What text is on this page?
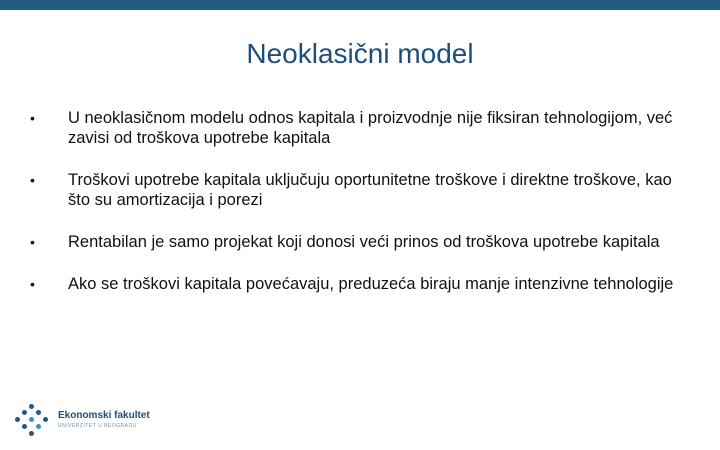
Neoklasični model
•	U neoklasičnom modelu odnos kapitala i proizvodnje nije fiksiran tehnologijom, već zavisi od troškova upotrebe kapitala
•	Troškovi upotrebe kapitala uključuju oportunitetne troškove i direktne troškove, kao što su amortizacija i porezi
•	Rentabilan je samo projekat koji donosi veći prinos od troškova upotrebe kapitala
•	Ako se troškovi kapitala povećavaju, preduzeća biraju manje intenzivne tehnologije
Ekonomski fakultet
UNIVERZITET U BEOGRADU
